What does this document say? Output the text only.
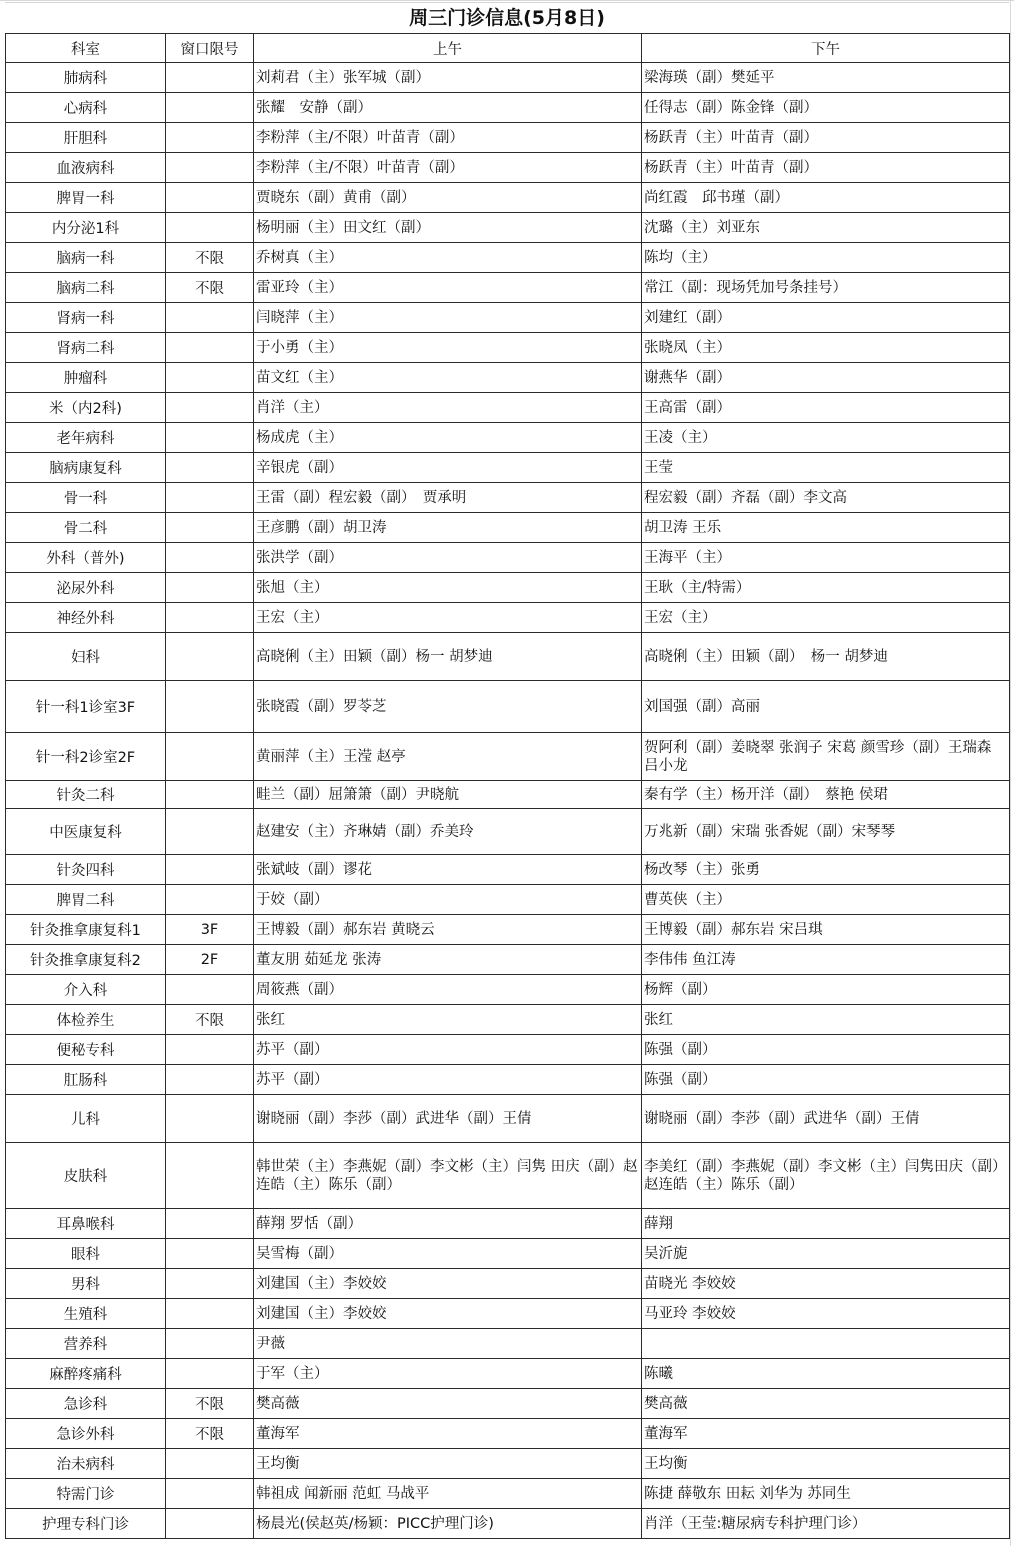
周三门诊信息(5月8日)
科室	窗口限号	上午	下午
肺病科		刘莉君（主）张军城（副）	梁海瑛（副）樊延平
心病科		张耀　安静（副）	任得志（副）陈金锋（副）
肝胆科		李粉萍（主/不限）叶苗青（副）	杨跃青（主）叶苗青（副）
血液病科		李粉萍（主/不限）叶苗青（副）	杨跃青（主）叶苗青（副）
脾胃一科		贾晓东（副）黄甫（副）	尚红霞　邱书瑾（副）
内分泌1科		杨明丽（主）田文红（副）	沈璐（主）刘亚东
脑病一科	不限	乔树真（主）	陈均（主）
脑病二科	不限	雷亚玲（主）	常江（副：现场凭加号条挂号）
肾病一科		闫晓萍（主）	刘建红（副）
肾病二科		于小勇（主）	张晓凤（主）
肿瘤科		苗文红（主）	谢燕华（副）
米（内2科)		肖洋（主）	王高雷（副）
老年病科		杨成虎（主）	王凌（主）
脑病康复科		辛银虎（副）	王莹
骨一科		王雷（副）程宏毅（副）　贾承明	程宏毅（副）齐磊（副）李文高
骨二科		王彦鹏（副）胡卫涛	胡卫涛 王乐
外科（普外)		张洪学（副）	王海平（主）
泌尿外科		张旭（主）	王耿（主/特需）
神经外科		王宏（主）	王宏（主）
妇科		高晓俐（主）田颖（副）杨一 胡梦迪	高晓俐（主）田颖（副）　杨一 胡梦迪
针一科1诊室3F		张晓霞（副）罗苓芝	刘国强（副）高丽
针一科2诊室2F		黄丽萍（主）王滢 赵亭	贺阿利（副）姜晓翠 张润子 宋葛 颜雪珍（副）王瑞森 吕小龙
针灸二科		畦兰（副）屈箫箫（副）尹晓航	秦有学（主）杨开洋（副）　蔡艳 侯珺
中医康复科		赵建安（主）齐琳婧（副）乔美玲	万兆新（副）宋瑞 张香妮（副）宋琴琴
针灸四科		张斌岐（副）谬花	杨改琴（主）张勇
脾胃二科		于姣（副）	曹英侠（主）
针灸推拿康复科1	3F	王博毅（副）郝东岩 黄晓云	王博毅（副）郝东岩 宋吕琪
针灸推拿康复科2	2F	董友朋 茹延龙 张涛	李伟伟 鱼江涛
介入科		周筱燕（副）	杨辉（副）
体检养生	不限	张红	张红
便秘专科		苏平（副）	陈强（副）
肛肠科		苏平（副）	陈强（副）
儿科		谢晓丽（副）李莎（副）武进华（副）王倩	谢晓丽（副）李莎（副）武进华（副）王倩
皮肤科		韩世荣（主）李燕妮（副）李文彬（主）闫隽 田庆（副）赵连皓（主）陈乐（副）	李美红（副）李燕妮（副）李文彬（主）闫隽田庆（副）赵连皓（主）陈乐（副）
耳鼻喉科		薛翔 罗恬（副）	薛翔
眼科		吴雪梅（副）	吴沂旎
男科		刘建国（主）李姣姣	苗晓光 李姣姣
生殖科		刘建国（主）李姣姣	马亚玲 李姣姣
营养科		尹薇	
麻醉疼痛科		于军（主）	陈曦
急诊科	不限	樊高薇	樊高薇
急诊外科	不限	董海军	董海军
治未病科		王均衡	王均衡
特需门诊		韩祖成 闻新丽 范虹 马战平	陈捷 薛敬东 田耘 刘华为 苏同生
护理专科门诊		杨晨光(侯赵英/杨颖：PICC护理门诊)	肖洋（王莹:糖尿病专科护理门诊）
